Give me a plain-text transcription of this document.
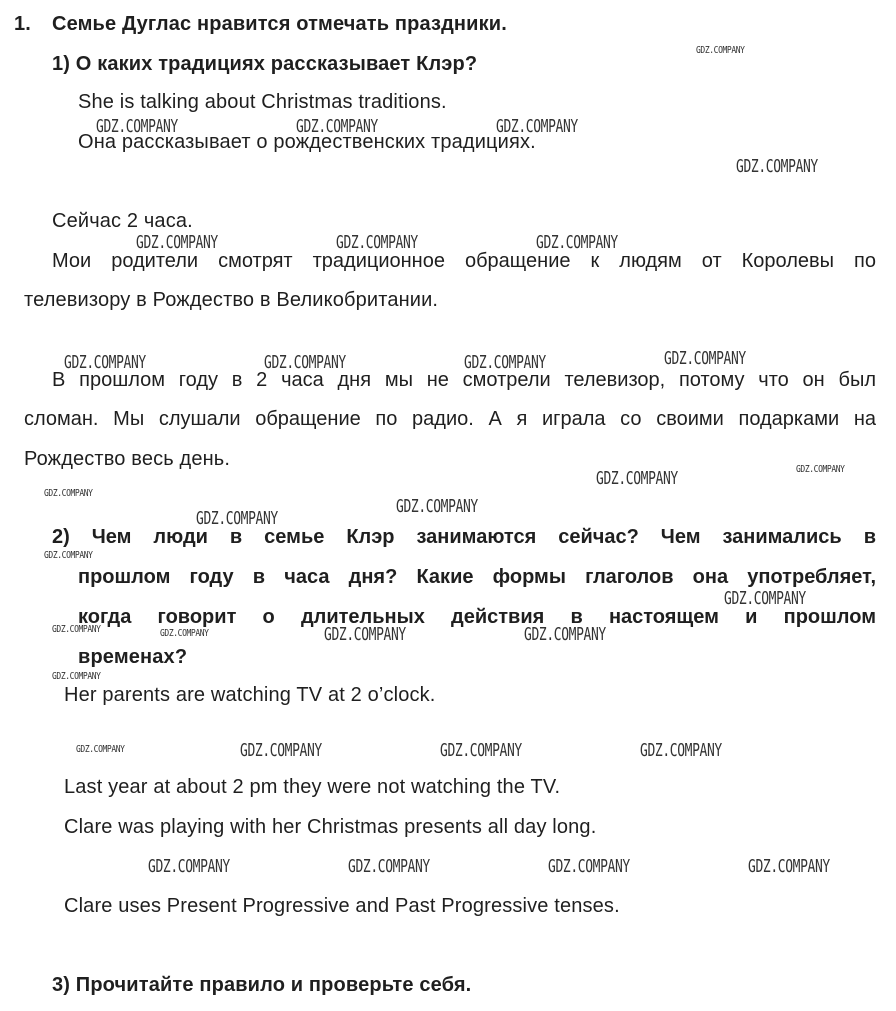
1. Семье Дуглас нравится отмечать праздники.
1) О каких традициях рассказывает Клэр?
She is talking about Christmas traditions.
Она рассказывает о рождественских традициях.
Сейчас 2 часа.
Мои родители смотрят традиционное обращение к людям от Королевы по
телевизору в Рождество в Великобритании.
В прошлом году в 2 часа дня мы не смотрели телевизор, потому что он был
сломан. Мы слушали обращение по радио. А я играла со своими подарками на
Рождество весь день.
2) Чем люди в семье Клэр занимаются сейчас? Чем занимались в
прошлом году в часа дня? Какие формы глаголов она употребляет,
когда говорит о длительных действия в настоящем и прошлом
временах?
Her parents are watching TV at 2 o’clock.
Last year at about 2 pm they were not watching the TV.
Clare was playing with her Christmas presents all day long.
Clare uses Present Progressive and Past Progressive tenses.
3) Прочитайте правило и проверьте себя.
GDZ.COMPANY
GDZ.COMPANY	GDZ.COMPANY	GDZ.COMPANY
GDZ.COMPANY
GDZ.COMPANY	GDZ.COMPANY	GDZ.COMPANY
GDZ.COMPANY	GDZ.COMPANY	GDZ.COMPANY	GDZ.COMPANY
GDZ.COMPANY	GDZ.COMPANY
GDZ.COMPANY
GDZ.COMPANY
GDZ.COMPANY
GDZ.COMPANY
GDZ.COMPANY
GDZ.COMPANY	GDZ.COMPANY	GDZ.COMPANY	GDZ.COMPANY
GDZ.COMPANY
GDZ.COMPANY	GDZ.COMPANY	GDZ.COMPANY	GDZ.COMPANY
GDZ.COMPANY	GDZ.COMPANY	GDZ.COMPANY	GDZ.COMPANY
